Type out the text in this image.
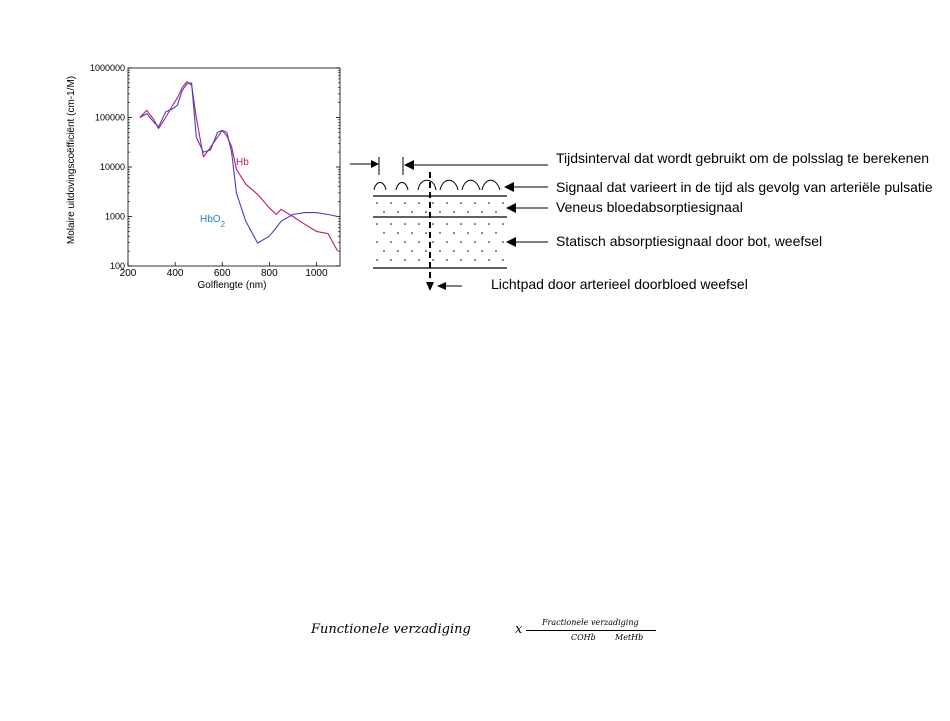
200	400	600	800	1000
100
1000
10000
100000
1000000
Molaire uitdovingscoëfficiënt (cm-1/M)
Golflengte (nm)
Hb
HbO$_2$
Tijdsinterval dat wordt gebruikt om de polsslag te berekenen
Signaal dat varieert in de tijd als gevolg van arteriële pulsatie
Veneus bloedabsorptiesignaal
Statisch absorptiesignaal door bot, weefsel
Lichtpad door arterieel doorbloed weefsel
Functionele verzadiging	x Fractionele verzadiging
COHb MetHb
